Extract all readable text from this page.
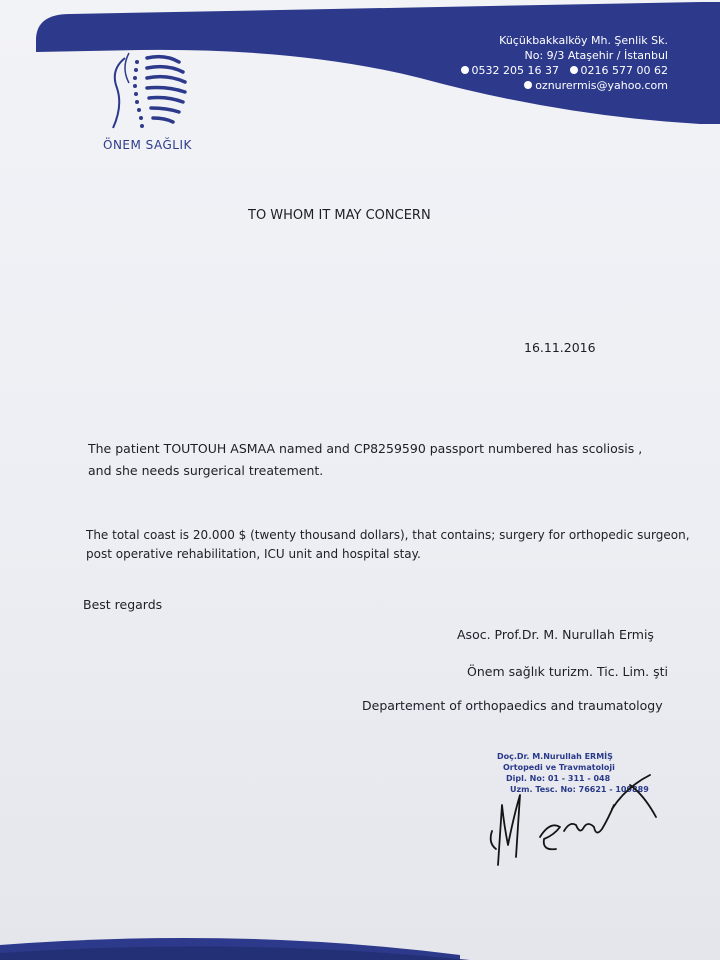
Küçükbakkalköy Mh. Şenlik Sk.
No: 9/3 Ataşehir / İstanbul
0532 205 16 37 0216 577 00 62
oznurermis@yahoo.com
ÖNEM SAĞLIK
TO WHOM IT MAY CONCERN
16.11.2016
The patient TOUTOUH ASMAA named and CP8259590 passport numbered has scoliosis ,
and she needs surgerical treatement.
The total coast is 20.000 $ (twenty thousand dollars), that contains; surgery for orthopedic surgeon,
post operative rehabilitation, ICU unit and hospital stay.
Best regards
Asoc. Prof.Dr. M. Nurullah Ermiş
Önem sağlık turizm. Tic. Lim. şti
Departement of orthopaedics and traumatology
Doç.Dr. M.Nurullah ERMİŞ
Ortopedi ve Travmatoloji
Dipl. No: 01 - 311 - 048
Uzm. Tesc. No: 76621 - 109889
